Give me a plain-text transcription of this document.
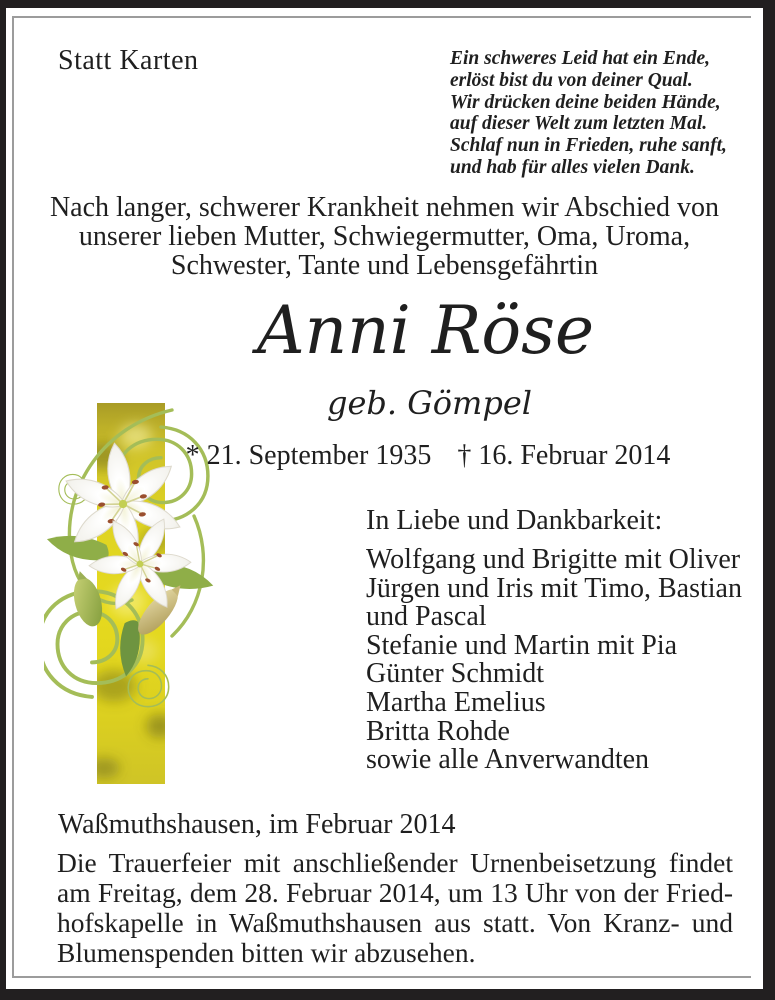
Statt Karten	Ein schweres Leid hat ein Ende,
erlöst bist du von deiner Qual.
Wir drücken deine beiden Hände,
auf dieser Welt zum letzten Mal.
Schlaf nun in Frieden, ruhe sanft,
und hab für alles vielen Dank.
Nach langer, schwerer Krankheit nehmen wir Abschied von
unserer lieben Mutter, Schwiegermutter, Oma, Uroma,
Schwester, Tante und Lebensgefährtin
Anni Röse
geb. Gömpel
* 21. September 1935 † 16. Februar 2014
In Liebe und Dankbarkeit:
Wolfgang und Brigitte mit Oliver
Jürgen und Iris mit Timo, Bastian und Pascal
Stefanie und Martin mit Pia
Günter Schmidt
Martha Emelius
Britta Rohde
sowie alle Anverwandten
Waßmuthshausen, im Februar 2014
Die Trauerfeier mit anschließender Urnenbeisetzung findet
am Freitag, dem 28. Februar 2014, um 13 Uhr von der Fried-
hofskapelle in Waßmuthshausen aus statt. Von Kranz- und
Blumenspenden bitten wir abzusehen.
